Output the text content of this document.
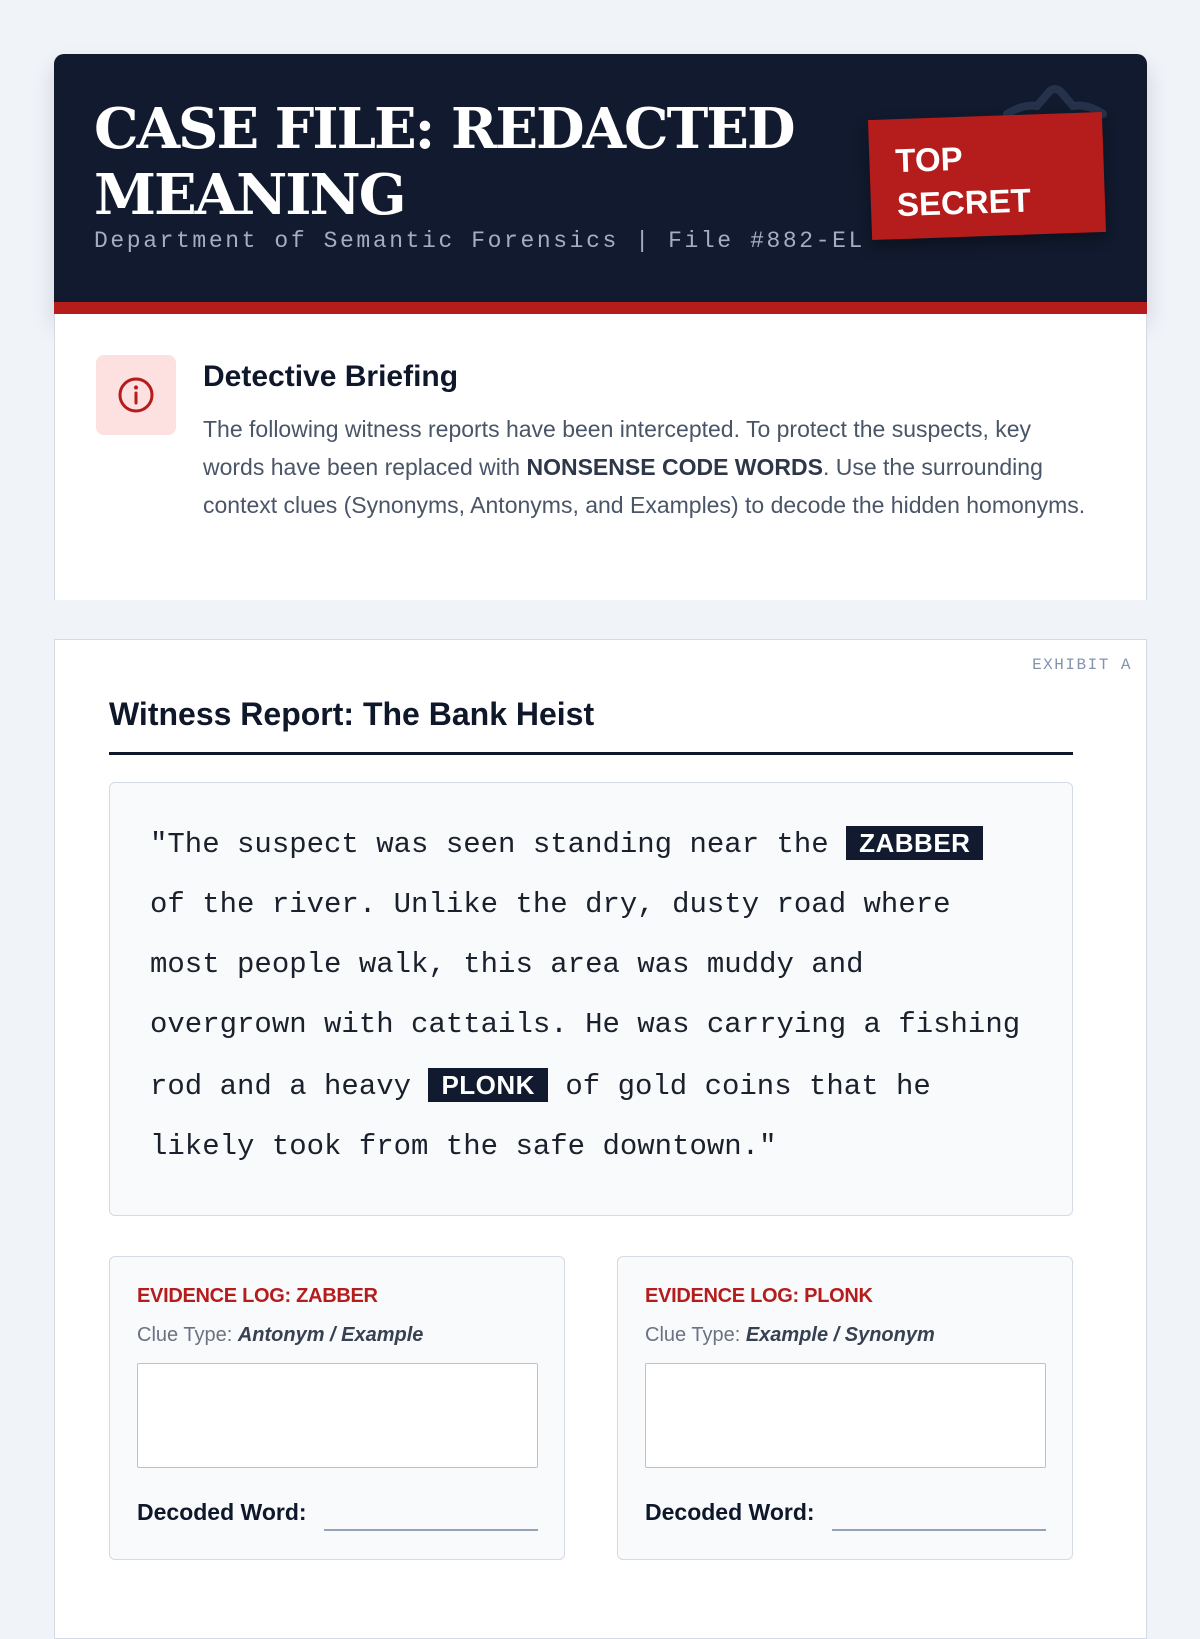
CASE FILE: REDACTED MEANING
Department of Semantic Forensics | File #882-EL
TOP SECRET
Detective Briefing

The following witness reports have been intercepted. To protect the suspects, key words have been replaced with NONSENSE CODE WORDS. Use the surrounding context clues (Synonyms, Antonyms, and Examples) to decode the hidden homonyms.

EXHIBIT A
Witness Report: The Bank Heist

"The suspect was seen standing near the ZABBER of the river. Unlike the dry, dusty road where most people walk, this area was muddy and overgrown with cattails. He was carrying a fishing rod and a heavy PLONK of gold coins that he likely took from the safe downtown."

EVIDENCE LOG: ZABBER
Clue Type: Antonym / Example
Decoded Word:
EVIDENCE LOG: PLONK
Clue Type: Example / Synonym
Decoded Word:
